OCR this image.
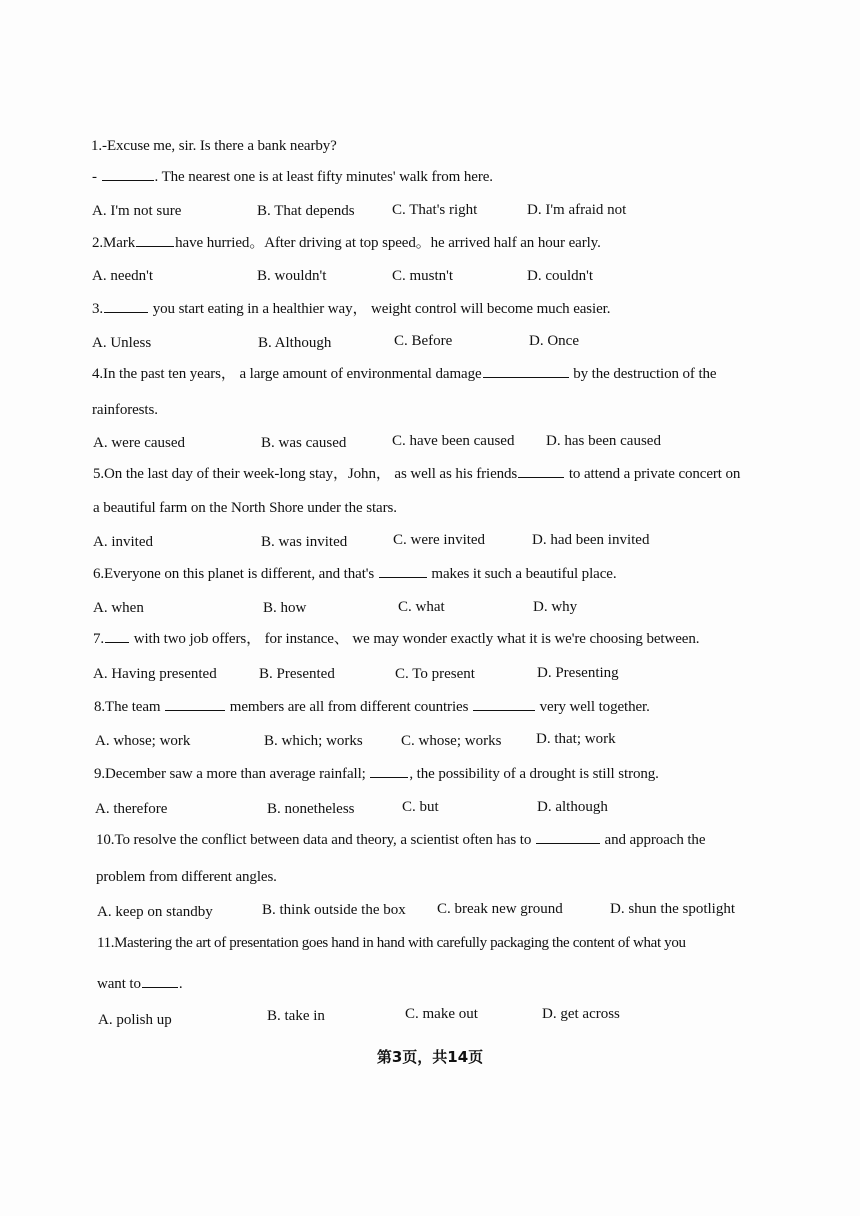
1.-Excuse me, sir. Is there a bank nearby?
-	. The nearest one is at least fifty minutes' walk from here.
A. I'm not sure	B. That depends C. That's right	D. I'm afraid not
2.Mark	have hurried。After driving at top speed。he arrived half an hour early.
A. needn't	B. wouldn't	C. mustn't	D. couldn't
3.	you start eating in a healthier way， weight control will become much easier.
A. Unless	B. Although	C. Before	D. Once
4.In the past ten years， a large amount of environmental damage	by the destruction of the
rainforests.
A. were caused	B. was caused	C. have been caused D. has been caused
5.On the last day of their week-long stay，John， as well as his friends	to attend a private concert on
a beautiful farm on the North Shore under the stars.
A. invited	B. was invited	C. were invited	D. had been invited
6.Everyone on this planet is different, and that's	makes it such a beautiful place.
A. when	B. how	C. what	D. why
7. with two job offers， for instance、 we may wonder exactly what it is we're choosing between.
A. Having presented	B. Presented	C. To present	D. Presenting
8.The team	members are all from different countries	very well together.
A. whose; work	B. which; works	C. whose; works D. that; work
9.December saw a more than average rainfall;	, the possibility of a drought is still strong.
A. therefore	B. nonetheless	C. but	D. although
10.To resolve the conflict between data and theory, a scientist often has to	and approach the
problem from different angles.
A. keep on standby	B. think outside the box C. break new ground	D. shun the spotlight
11.Mastering the art of presentation goes hand in hand with carefully packaging the content of what you
want to	.
A. polish up	B. take in	C. make out	D. get across
第3页，共14页
